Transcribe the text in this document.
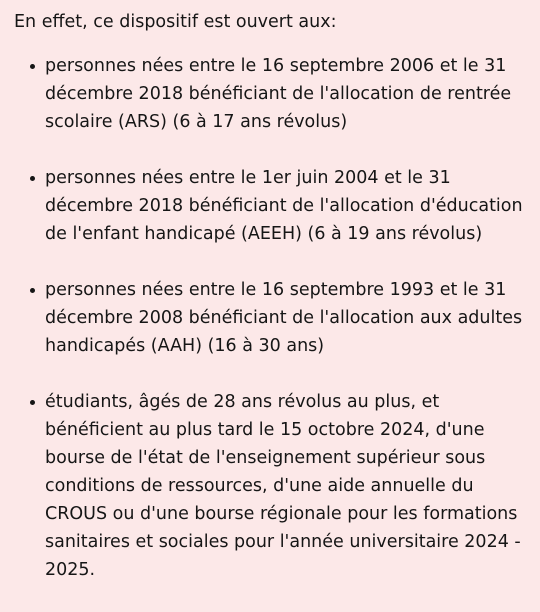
En effet, ce dispositif est ouvert aux:

personnes nées entre le 16 septembre 2006 et le 31 décembre 2018 bénéficiant de l'allocation de rentrée scolaire (ARS) (6 à 17 ans révolus)
personnes nées entre le 1er juin 2004 et le 31 décembre 2018 bénéficiant de l'allocation d'éducation de l'enfant handicapé (AEEH) (6 à 19 ans révolus)
personnes nées entre le 16 septembre 1993 et le 31 décembre 2008 bénéficiant de l'allocation aux adultes handicapés (AAH) (16 à 30 ans)
étudiants, âgés de 28 ans révolus au plus, et bénéficient au plus tard le 15 octobre 2024, d'une bourse de l'état de l'enseignement supérieur sous conditions de ressources, d'une aide annuelle du CROUS ou d'une bourse régionale pour les formations sanitaires et sociales pour l'année universitaire 2024 - 2025.
